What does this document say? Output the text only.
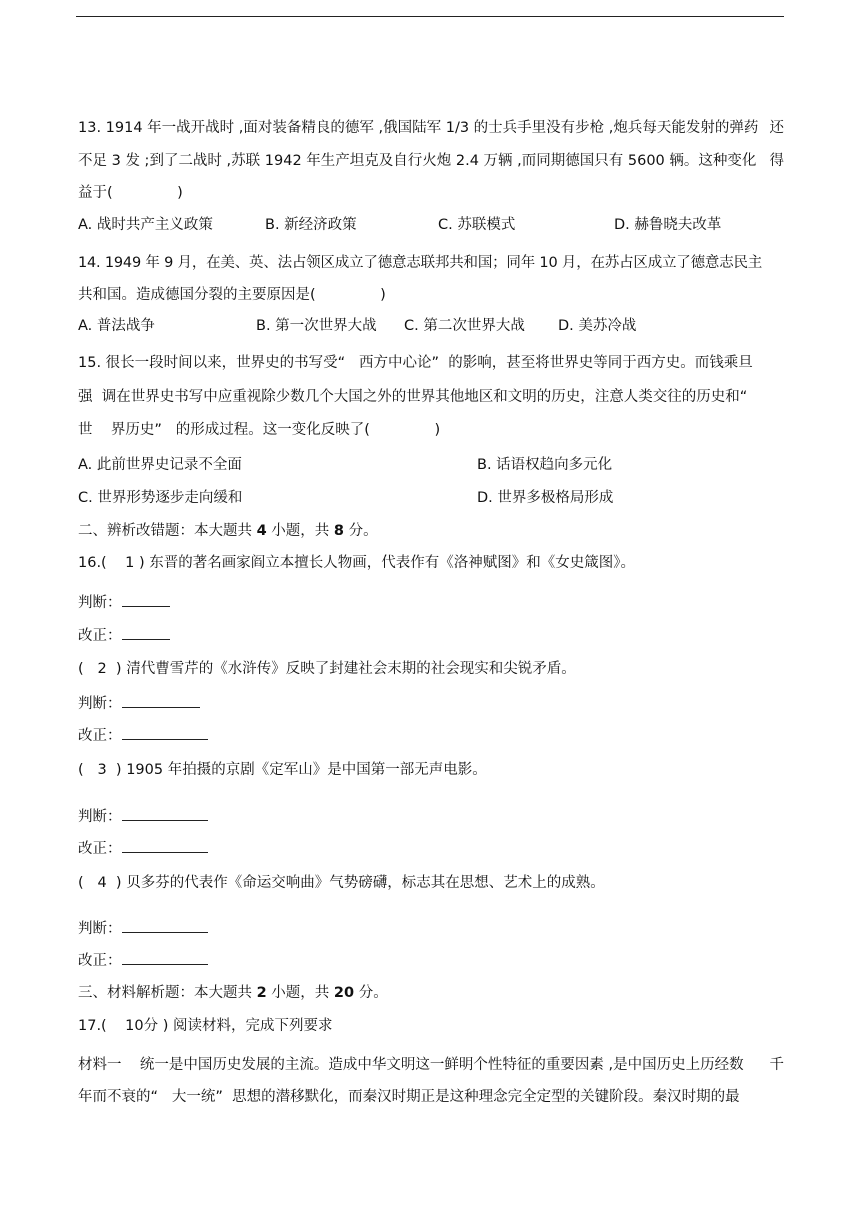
13. 1914 年一战开战时 ,面对装备精良的德军 ,俄国陆军 1/3 的士兵手里没有步枪 ,炮兵每天能发射的弹药 还
不足 3 发 ;到了二战时 ,苏联 1942 年生产坦克及自行火炮 2.4 万辆 ,而同期德国只有 5600 辆。这种变化 得
益于(              )
A. 战时共产主义政策	B. 新经济政策	C. 苏联模式	D. 赫鲁晓夫改革
14. 1949 年 9 月，在美、英、法占领区成立了德意志联邦共和国；同年 10 月，在苏占区成立了德意志民主
共和国。造成德国分裂的主要原因是(              )
A. 普法战争	B. 第一次世界大战 C. 第二次世界大战 D. 美苏冷战
15. 很长一段时间以来，世界史的书写受“   西方中心论”  的影响，甚至将世界史等同于西方史。而钱乘旦
强  调在世界史书写中应重视除少数几个大国之外的世界其他地区和文明的历史，注意人类交往的历史和“
世    界历史”   的形成过程。这一变化反映了(              )
A. 此前世界史记录不全面	B. 话语权趋向多元化
C. 世界形势逐步走向缓和	D. 世界多极格局形成
二、辨析改错题：本大题共 4 小题，共 8 分。
16.(    1 ) 东晋的著名画家阎立本擅长人物画，代表作有《洛神赋图》和《女史箴图》。
判断：
改正：
(   2  ) 清代曹雪芹的《水浒传》反映了封建社会末期的社会现实和尖锐矛盾。
判断：
改正：
(   3  ) 1905 年拍摄的京剧《定军山》是中国第一部无声电影。
判断：
改正：
(   4  ) 贝多芬的代表作《命运交响曲》气势磅礴，标志其在思想、艺术上的成熟。
判断：
改正：
三、材料解析题：本大题共 2 小题，共 20 分。
17.(    10分 ) 阅读材料，完成下列要求
材料一    统一是中国历史发展的主流。造成中华文明这一鲜明个性特征的重要因素 ,是中国历史上历经数 千
年而不衰的“   大一统”  思想的潜移默化，而秦汉时期正是这种理念完全定型的关键阶段。秦汉时期的最
